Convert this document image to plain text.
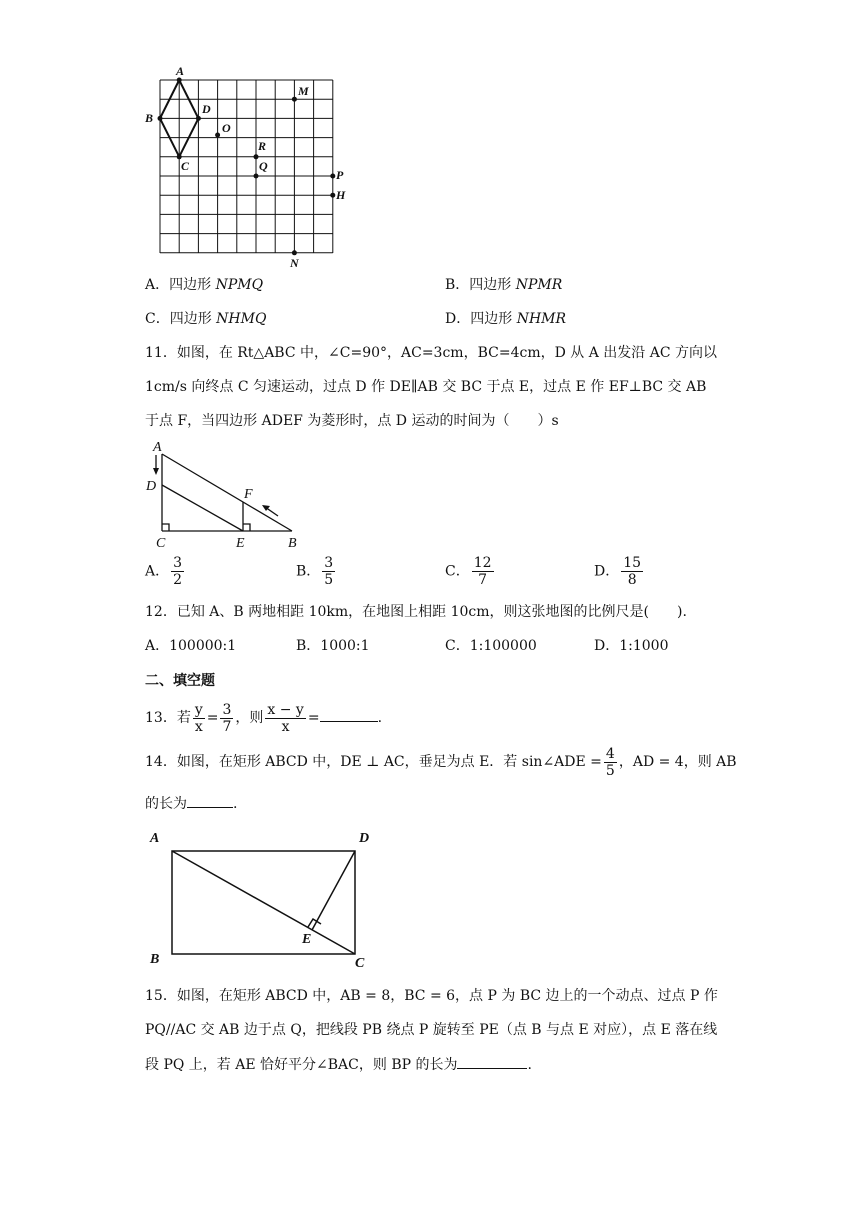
A
B
C
D
O
M
R
Q
P
H
N
A．四边形 NPMQ	B．四边形 NPMR
C．四边形 NHMQ	D．四边形 NHMR
11．如图，在 Rt△ABC 中，∠C=90°，AC=3cm，BC=4cm，D 从 A 出发沿 AC 方向以
1cm/s 向终点 C 匀速运动，过点 D 作 DE∥AB 交 BC 于点 E，过点 E 作 EF⊥BC 交 AB
于点 F，当四边形 ADEF 为菱形时，点 D 运动的时间为（　　）s
A
D
F
C	E	B
A． $\frac{3}{2}$	B． $\frac{3}{5}$	C． $\frac{12}{7}$	D． $\frac{15}{8}$
12．已知 A、B 两地相距 10km，在地图上相距 10cm，则这张地图的比例尺是(　　).
A．100000:1	B．1000:1	C．1:100000	D．1:1000
二、填空题
13．若 $\frac{y}{x} = \frac{3}{7}$ ，则 $\frac{x - y}{x}$ =	.
14．如图，在矩形 ABCD 中，DE ⊥ AC，垂足为点 E．若 sin∠ADE = $\frac{4}{5}$ ，AD = 4，则 AB
的长为	.
A	D
B	C
E
15．如图，在矩形 ABCD 中，AB = 8，BC = 6，点 P 为 BC 边上的一个动点、过点 P 作
PQ//AC 交 AB 边于点 Q，把线段 PB 绕点 P 旋转至 PE（点 B 与点 E 对应），点 E 落在线
段 PQ 上，若 AE 恰好平分∠BAC，则 BP 的长为	.
